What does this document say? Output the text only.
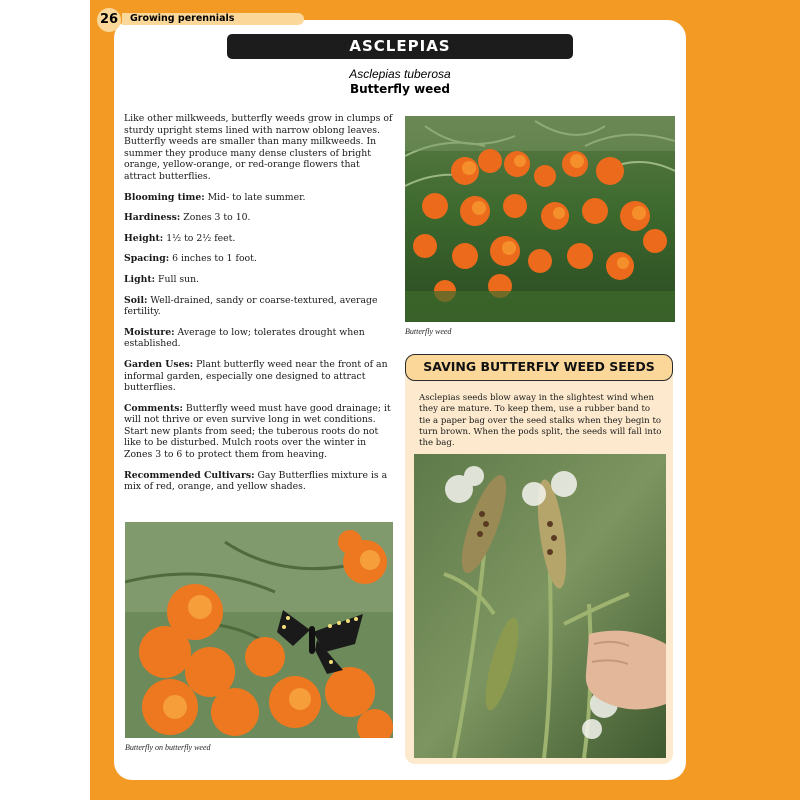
26	Growing perennials
ASCLEPIAS
Asclepias tuberosa
Butterfly weed

Like other milkweeds, butterfly weeds grow in clumps of sturdy upright stems lined with narrow oblong leaves. Butterfly weeds are smaller than many milkweeds. In summer they produce many dense clusters of bright orange, yellow-orange, or red-orange flowers that attract butterflies.

Blooming time: Mid- to late summer.

Hardiness: Zones 3 to 10.

Height: 1½ to 2½ feet.

Spacing: 6 inches to 1 foot.

Light: Full sun.

Soil: Well-drained, sandy or coarse-textured, average fertility.

Moisture: Average to low; tolerates drought when established.

Garden Uses: Plant butterfly weed near the front of an informal garden, especially one designed to attract butterflies.

Comments: Butterfly weed must have good drainage; it will not thrive or even survive long in wet conditions. Start new plants from seed; the tuberous roots do not like to be disturbed. Mulch roots over the winter in Zones 3 to 6 to protect them from heaving.

Recommended Cultivars: Gay Butterflies mixture is a mix of red, orange, and yellow shades.

Butterfly weed
Butterfly on butterfly weed
SAVING BUTTERFLY WEED SEEDS
Asclepias seeds blow away in the slightest wind when they are mature. To keep them, use a rubber band to tie a paper bag over the seed stalks when they begin to turn brown. When the pods split, the seeds will fall into the bag.
